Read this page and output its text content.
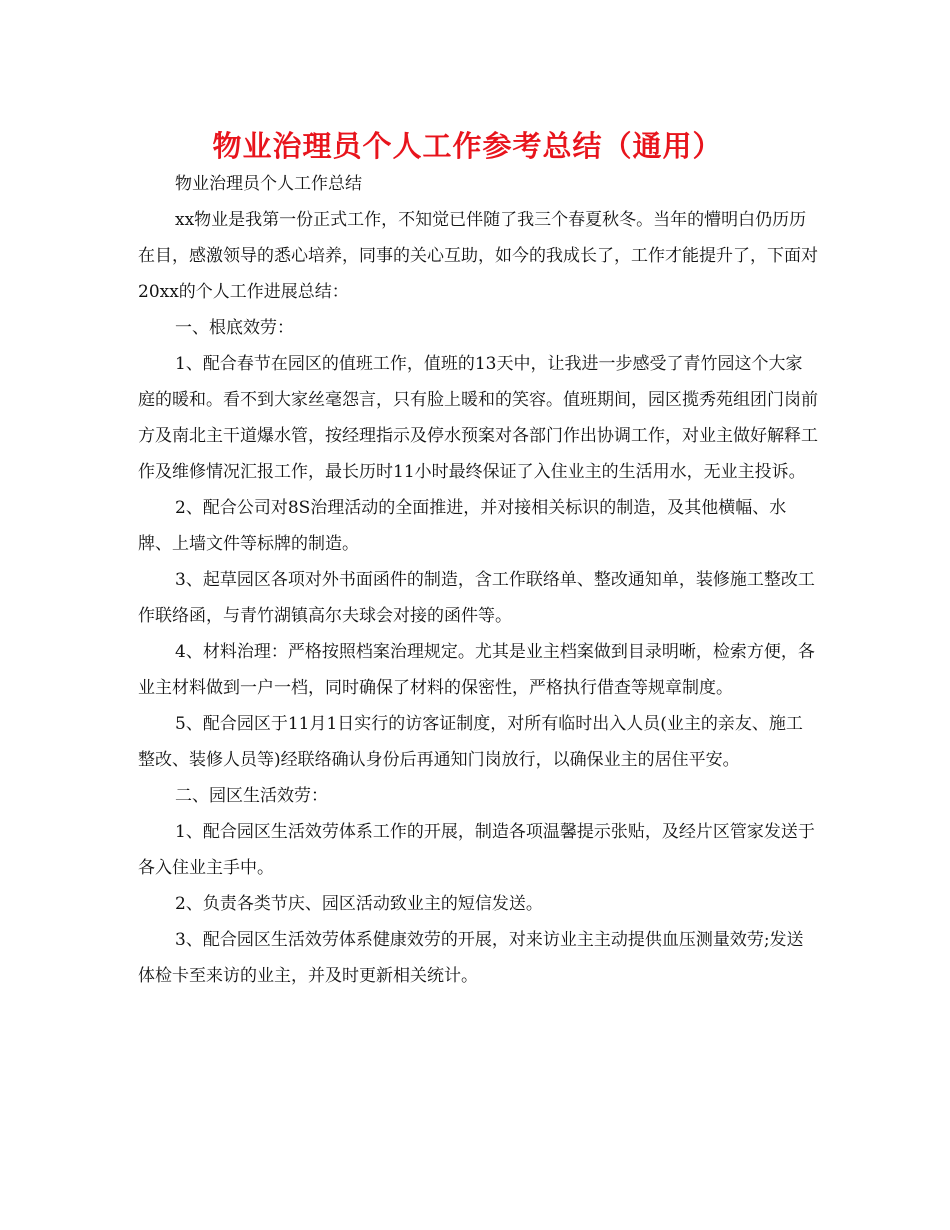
物业治理员个人工作参考总结（通用）

物业治理员个人工作总结

xx物业是我第一份正式工作，不知觉已伴随了我三个春夏秋冬。当年的懵明白仍历历在目，感激领导的悉心培养，同事的关心互助，如今的我成长了，工作才能提升了，下面对20xx的个人工作进展总结：

一、根底效劳：

1、配合春节在园区的值班工作，值班的13天中，让我进一步感受了青竹园这个大家庭的暖和。看不到大家丝毫怨言，只有脸上暖和的笑容。值班期间，园区揽秀苑组团门岗前方及南北主干道爆水管，按经理指示及停水预案对各部门作出协调工作，对业主做好解释工作及维修情况汇报工作，最长历时11小时最终保证了入住业主的生活用水，无业主投诉。

2、配合公司对8S治理活动的全面推进，并对接相关标识的制造，及其他横幅、水牌、上墙文件等标牌的制造。

3、起草园区各项对外书面函件的制造，含工作联络单、整改通知单，装修施工整改工作联络函，与青竹湖镇高尔夫球会对接的函件等。

4、材料治理：严格按照档案治理规定。尤其是业主档案做到目录明晰，检索方便，各业主材料做到一户一档，同时确保了材料的保密性，严格执行借查等规章制度。

5、配合园区于11月1日实行的访客证制度，对所有临时出入人员(业主的亲友、施工整改、装修人员等)经联络确认身份后再通知门岗放行，以确保业主的居住平安。

二、园区生活效劳：

1、配合园区生活效劳体系工作的开展，制造各项温馨提示张贴，及经片区管家发送于各入住业主手中。

2、负责各类节庆、园区活动致业主的短信发送。

3、配合园区生活效劳体系健康效劳的开展，对来访业主主动提供血压测量效劳;发送体检卡至来访的业主，并及时更新相关统计。
